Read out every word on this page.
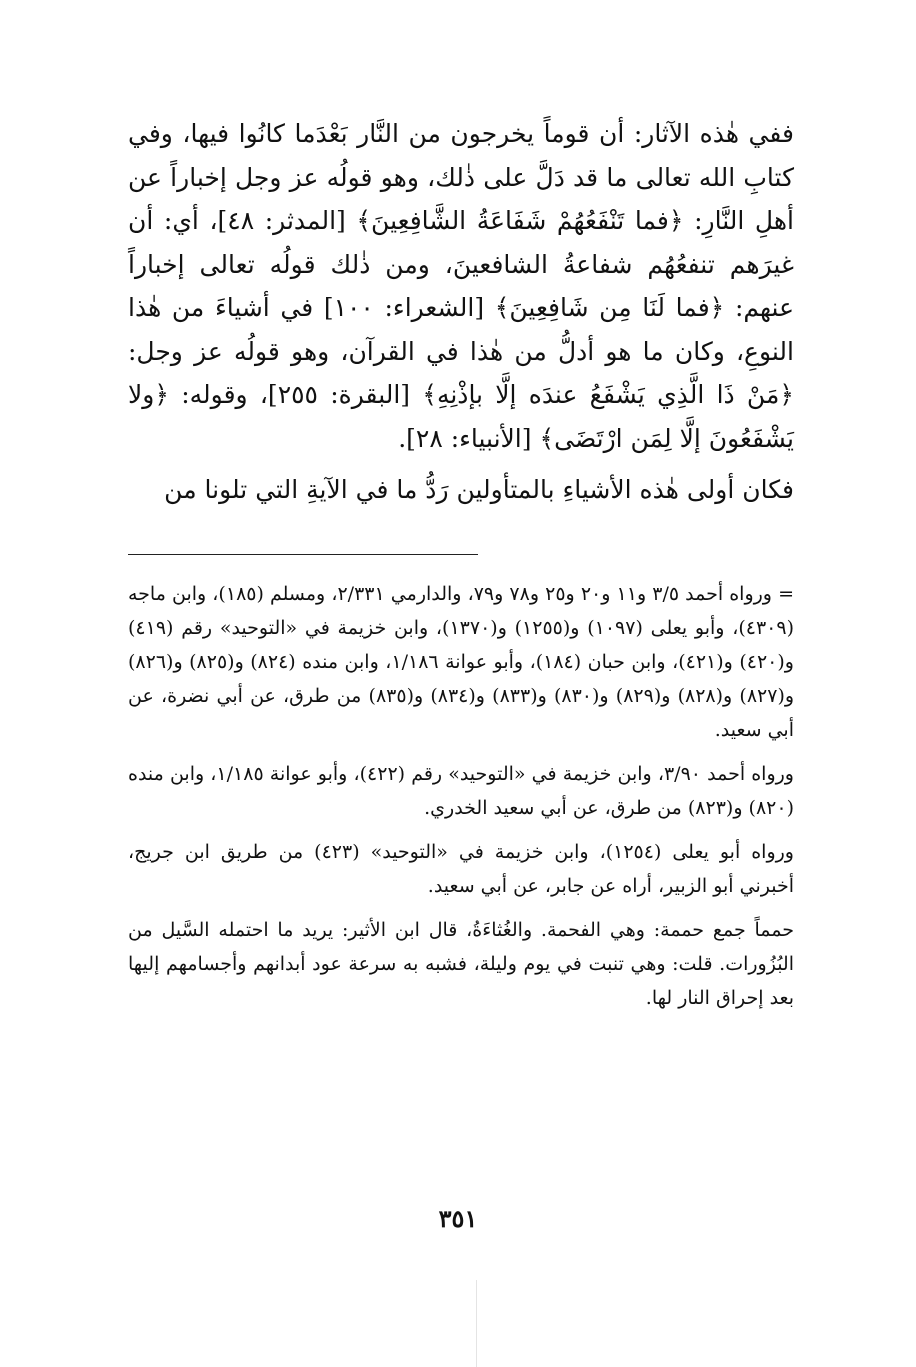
ففي هٰذه الآثار: أن قوماً يخرجون من النَّار بَعْدَما كانُوا فيها، وفي كتابِ الله تعالى ما قد دَلَّ على ذٰلك، وهو قولُه عز وجل إخباراً عن أهلِ النَّارِ: ﴿فما تَنْفَعُهُمْ شَفَاعَةُ الشَّافِعِينَ﴾ [المدثر: ٤٨]، أي: أن غيرَهم تنفعُهُم شفاعةُ الشافعينَ، ومن ذٰلك قولُه تعالى إخباراً عنهم: ﴿فما لَنَا مِن شَافِعِينَ﴾ [الشعراء: ١٠٠] في أشياءَ من هٰذا النوعِ، وكان ما هو أدلُّ من هٰذا في القرآن، وهو قولُه عز وجل: ﴿مَنْ ذَا الَّذِي يَشْفَعُ عندَه إلَّا بإذْنِهِ﴾ [البقرة: ٢٥٥]، وقوله: ﴿ولا يَشْفَعُونَ إلَّا لِمَن ارْتَضَى﴾ [الأنبياء: ٢٨].

فكان أولى هٰذه الأشياءِ بالمتأولين رَدُّ ما في الآيةِ التي تلونا من

= ورواه أحمد ٣/٥ و١١ و٢٠ و٢٥ و٧٨ و٧٩، والدارمي ٢/٣٣١، ومسلم (١٨٥)، وابن ماجه (٤٣٠٩)، وأبو يعلى (١٠٩٧) و(١٢٥٥) و(١٣٧٠)، وابن خزيمة في «التوحيد» رقم (٤١٩) و(٤٢٠) و(٤٢١)، وابن حبان (١٨٤)، وأبو عوانة ١/١٨٦، وابن منده (٨٢٤) و(٨٢٥) و(٨٢٦) و(٨٢٧) و(٨٢٨) و(٨٢٩) و(٨٣٠) و(٨٣٣) و(٨٣٤) و(٨٣٥) من طرق، عن أبي نضرة، عن أبي سعيد.

ورواه أحمد ٣/٩٠، وابن خزيمة في «التوحيد» رقم (٤٢٢)، وأبو عوانة ١/١٨٥، وابن منده (٨٢٠) و(٨٢٣) من طرق، عن أبي سعيد الخدري.

ورواه أبو يعلى (١٢٥٤)، وابن خزيمة في «التوحيد» (٤٢٣) من طريق ابن جريج، أخبرني أبو الزبير، أراه عن جابر، عن أبي سعيد.

حمماً جمع حممة: وهي الفحمة. والغُثاءَةُ، قال ابن الأثير: يريد ما احتمله السَّيل من البُزُورات. قلت: وهي تنبت في يوم وليلة، فشبه به سرعة عود أبدانهم وأجسامهم إليها بعد إحراق النار لها.

٣٥١
